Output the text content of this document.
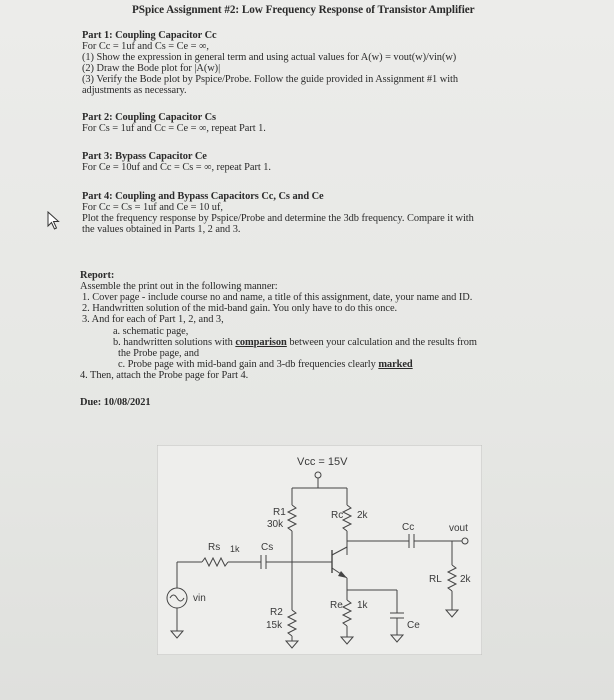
PSpice Assignment #2: Low Frequency Response of Transistor Amplifier
Part 1: Coupling Capacitor Cc
For Cc = 1uf and Cs = Ce = ∞,
(1) Show the expression in general term and using actual values for A(w) = vout(w)/vin(w)
(2) Draw the Bode plot for |A(w)|
(3) Verify the Bode plot by Pspice/Probe. Follow the guide provided in Assignment #1 with
adjustments as necessary.
Part 2: Coupling Capacitor Cs
For Cs = 1uf and Cc = Ce = ∞, repeat Part 1.
Part 3: Bypass Capacitor Ce
For Ce = 10uf and Cc = Cs = ∞, repeat Part 1.
Part 4: Coupling and Bypass Capacitors Cc, Cs and Ce
For Cc = Cs = 1uf and Ce = 10 uf,
Plot the frequency response by Pspice/Probe and determine the 3db frequency. Compare it with
the values obtained in Parts 1, 2 and 3.
Report:
Assemble the print out in the following manner:
1. Cover page - include course no and name, a title of this assignment, date, your name and ID.
2. Handwritten solution of the mid-band gain. You only have to do this once.
3. And for each of Part 1, 2, and 3,
a. schematic page,
b. handwritten solutions with comparison between your calculation and the results from
the Probe page, and
c. Probe page with mid-band gain and 3-db frequencies clearly marked
4. Then, attach the Probe page for Part 4.
Due: 10/08/2021
Vcc = 15V
R1
30k
Rc 2k
Cc	vout
RL 2k
Re 1k
Ce
R2
15k
Rs 1k Cs
vin
